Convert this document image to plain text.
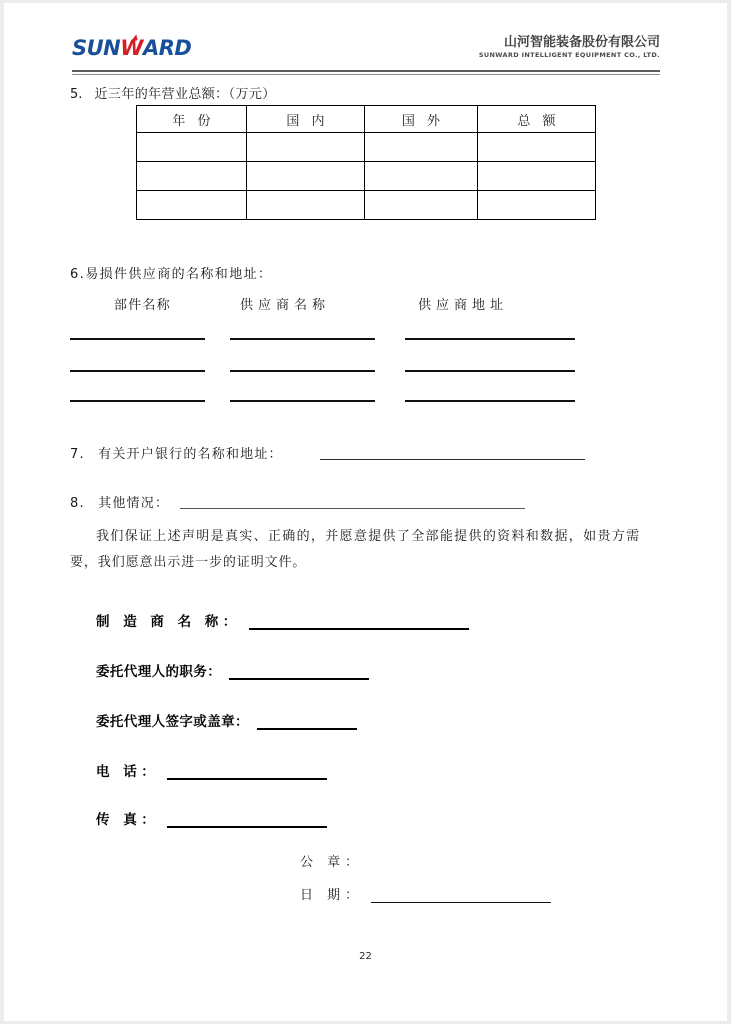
SUN W ARD	山河智能装备股份有限公司
SUNWARD INTELLIGENT EQUIPMENT CO., LTD.
5. 近三年的年营业总额：（万元）
年 份	国 内	国 外	总 额

6.易损件供应商的名称和地址：
部件名称	供应商名称	供应商地址
7. 有关开户银行的名称和地址：
8. 其他情况：
我们保证上述声明是真实、正确的，并愿意提供了全部能提供的资料和数据，如贵方需要，我们愿意出示进一步的证明文件。
制 造 商 名 称：
委托代理人的职务：
委托代理人签字或盖章：
电 话：
传 真：
公 章：
日 期：
22
